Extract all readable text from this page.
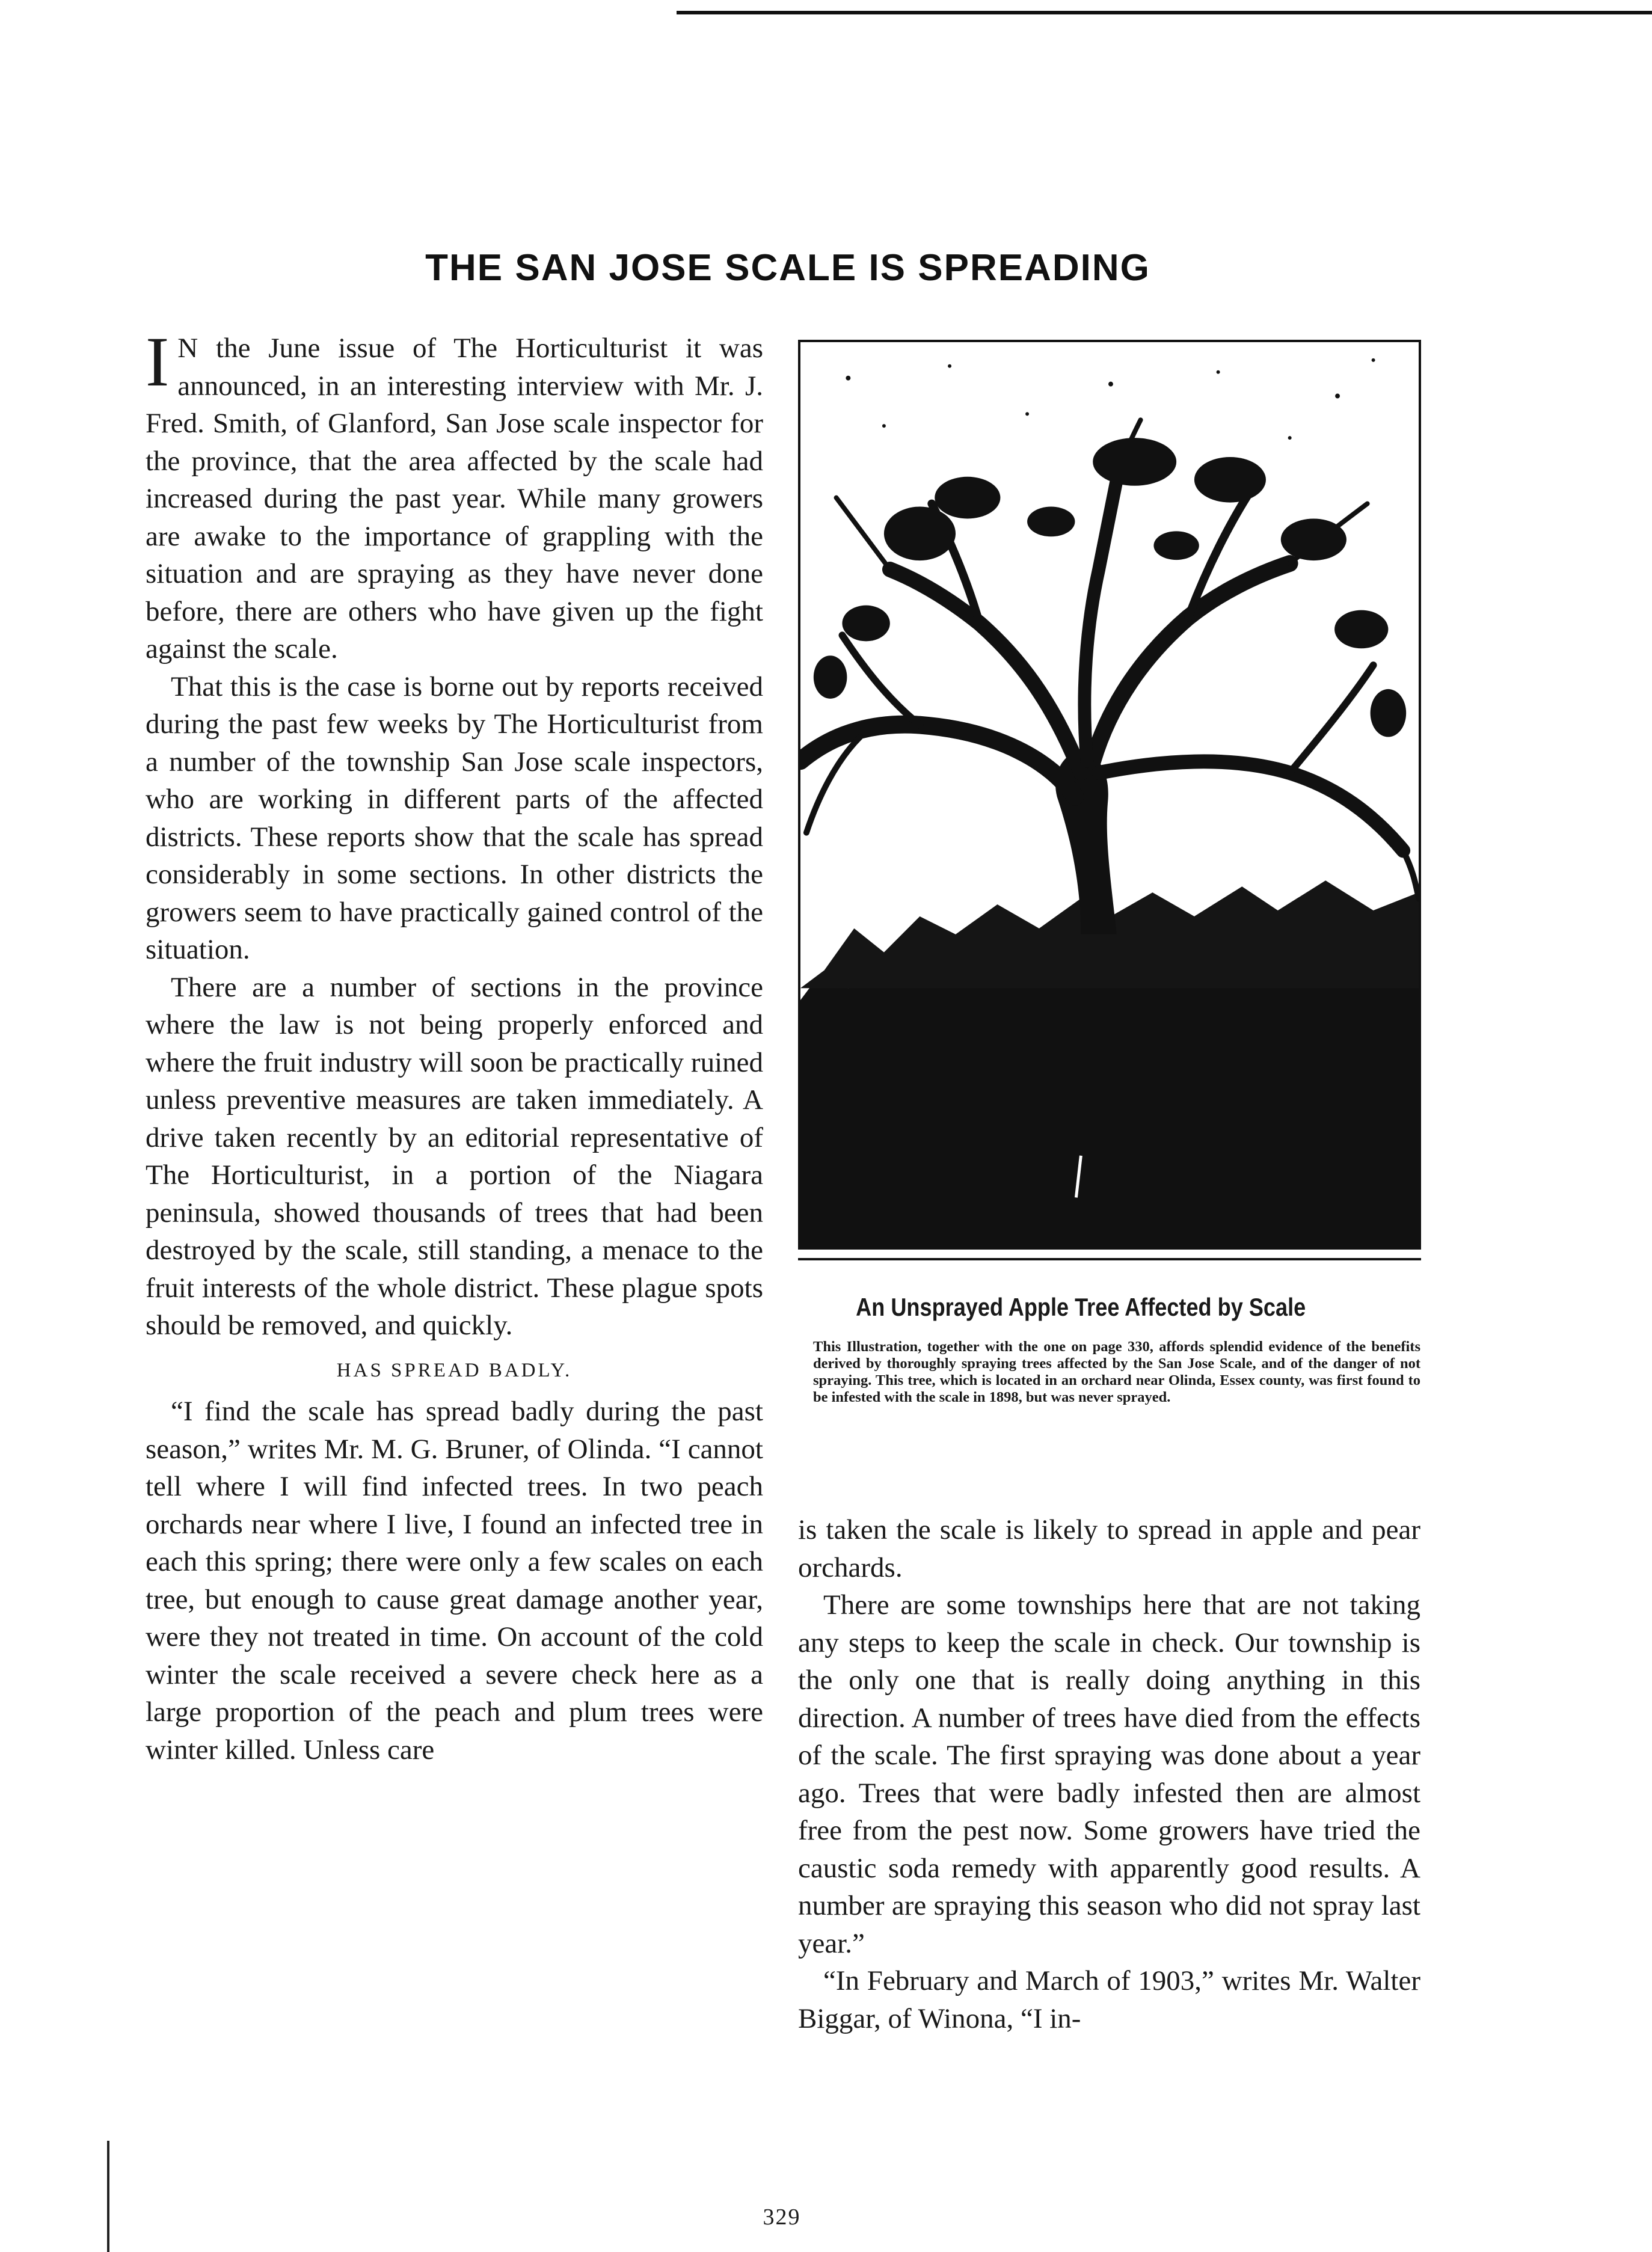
THE SAN JOSE SCALE IS SPREADING

I N the June issue of The Horticulturist it was announced, in an interesting interview with Mr. J. Fred. Smith, of Glanford, San Jose scale inspector for the province, that the area affected by the scale had increased during the past year. While many growers are awake to the importance of grappling with the situation and are spraying as they have never done before, there are others who have given up the fight against the scale.

That this is the case is borne out by reports received during the past few weeks by The Horticulturist from a number of the township San Jose scale inspectors, who are working in different parts of the affected districts. These reports show that the scale has spread considerably in some sections. In other districts the growers seem to have practically gained control of the situation.

There are a number of sections in the province where the law is not being properly enforced and where the fruit industry will soon be practically ruined unless preventive measures are taken immediately. A drive taken recently by an editorial representative of The Horticulturist, in a portion of the Niagara peninsula, showed thousands of trees that had been destroyed by the scale, still standing, a menace to the fruit interests of the whole district. These plague spots should be removed, and quickly.

HAS SPREAD BADLY.

“I find the scale has spread badly during the past season,” writes Mr. M. G. Bruner, of Olinda. “I cannot tell where I will find infected trees. In two peach orchards near where I live, I found an infected tree in each this spring; there were only a few scales on each tree, but enough to cause great damage another year, were they not treated in time. On account of the cold winter the scale received a severe check here as a large proportion of the peach and plum trees were winter killed. Unless care

An Unsprayed Apple Tree Affected by Scale
This Illustration, together with the one on page 330, affords splendid evidence of the benefits derived by thoroughly spraying trees affected by the San Jose Scale, and of the danger of not spraying. This tree, which is located in an orchard near Olinda, Essex county, was first found to be infested with the scale in 1898, but was never sprayed.

is taken the scale is likely to spread in apple and pear orchards.

There are some townships here that are not taking any steps to keep the scale in check. Our township is the only one that is really doing anything in this direction. A number of trees have died from the effects of the scale. The first spraying was done about a year ago. Trees that were badly infested then are almost free from the pest now. Some growers have tried the caustic soda remedy with apparently good results. A number are spraying this season who did not spray last year.”

“In February and March of 1903,” writes Mr. Walter Biggar, of Winona, “I in-

329
